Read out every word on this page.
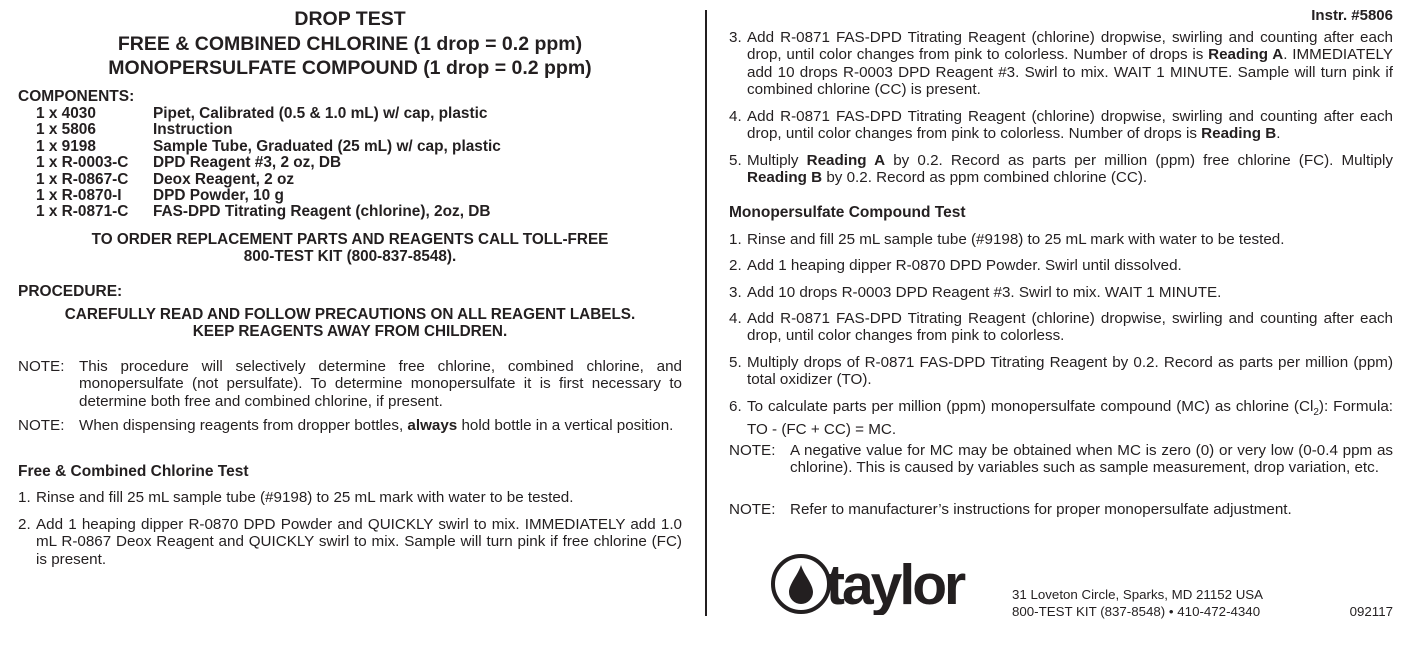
DROP TEST
FREE & COMBINED CHLORINE (1 drop = 0.2 ppm)
MONOPERSULFATE COMPOUND (1 drop = 0.2 ppm)
COMPONENTS:
1 x 4030	Pipet, Calibrated (0.5 & 1.0 mL) w/ cap, plastic
1 x 5806	Instruction
1 x 9198	Sample Tube, Graduated (25 mL) w/ cap, plastic
1 x R-0003-C DPD Reagent #3, 2 oz, DB
1 x R-0867-C Deox Reagent, 2 oz
1 x R-0870-I DPD Powder, 10 g
1 x R-0871-C FAS-DPD Titrating Reagent (chlorine), 2oz, DB
TO ORDER REPLACEMENT PARTS AND REAGENTS CALL TOLL-FREE
800-TEST KIT (800-837-8548).
PROCEDURE:
CAREFULLY READ AND FOLLOW PRECAUTIONS ON ALL REAGENT LABELS.
KEEP REAGENTS AWAY FROM CHILDREN.
NOTE: This procedure will selectively determine free chlorine, combined chlorine, and monopersulfate (not persulfate). To determine monopersulfate it is first necessary to determine both free and combined chlorine, if present.
NOTE: When dispensing reagents from dropper bottles, always hold bottle in a vertical position.
Free & Combined Chlorine Test
1. Rinse and fill 25 mL sample tube (#9198) to 25 mL mark with water to be tested.
2. Add 1 heaping dipper R-0870 DPD Powder and QUICKLY swirl to mix. IMMEDIATELY add 1.0 mL R-0867 Deox Reagent and QUICKLY swirl to mix. Sample will turn pink if free chlorine (FC) is present.
Instr. #5806
3. Add R-0871 FAS-DPD Titrating Reagent (chlorine) dropwise, swirling and counting after each drop, until color changes from pink to colorless. Number of drops is Reading A. IMMEDIATELY add 10 drops R-0003 DPD Reagent #3. Swirl to mix. WAIT 1 MINUTE. Sample will turn pink if combined chlorine (CC) is present.
4. Add R-0871 FAS-DPD Titrating Reagent (chlorine) dropwise, swirling and counting after each drop, until color changes from pink to colorless. Number of drops is Reading B.
5. Multiply Reading A by 0.2. Record as parts per million (ppm) free chlorine (FC). Multiply Reading B by 0.2. Record as ppm combined chlorine (CC).
Monopersulfate Compound Test
1. Rinse and fill 25 mL sample tube (#9198) to 25 mL mark with water to be tested.
2. Add 1 heaping dipper R-0870 DPD Powder. Swirl until dissolved.
3. Add 10 drops R-0003 DPD Reagent #3. Swirl to mix. WAIT 1 MINUTE.
4. Add R-0871 FAS-DPD Titrating Reagent (chlorine) dropwise, swirling and counting after each drop, until color changes from pink to colorless.
5. Multiply drops of R-0871 FAS-DPD Titrating Reagent by 0.2. Record as parts per million (ppm) total oxidizer (TO).
6. To calculate parts per million (ppm) monopersulfate compound (MC) as chlorine $(Cl_2)$: Formula: TO - (FC + CC) = MC.
NOTE: A negative value for MC may be obtained when MC is zero (0) or very low (0-0.4 ppm as chlorine). This is caused by variables such as sample measurement, drop variation, etc.
NOTE: Refer to manufacturer’s instructions for proper monopersulfate adjustment.
taylor	31 Loveton Circle, Sparks, MD 21152 USA
800-TEST KIT (837-8548) • 410-472-4340	092117
